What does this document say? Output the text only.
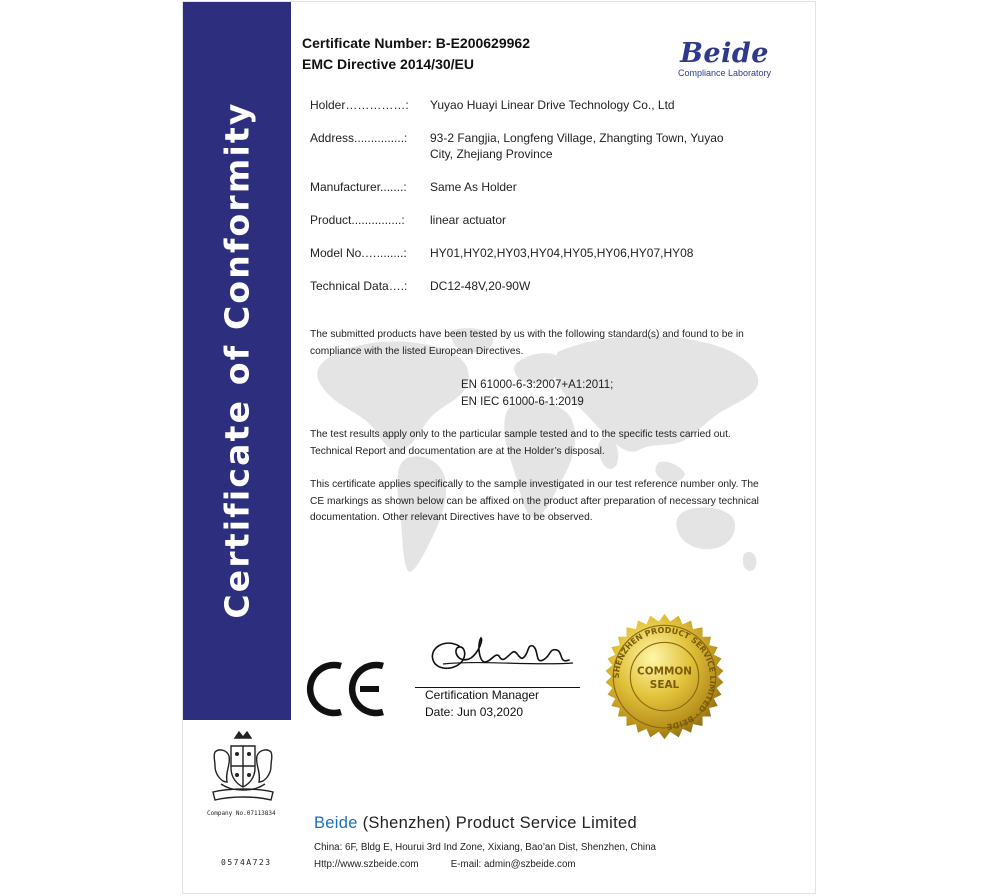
Certificate of Conformity
Certificate Number: B-E200629962
EMC Directive 2014/30/EU	Beide
Compliance Laboratory
Holder……………:	Yuyao Huayi Linear Drive Technology Co., Ltd
Address...............:	93-2 Fangjia, Longfeng Village, Zhangting Town, Yuyao City, Zhejiang Province
Manufacturer.......:	Same As Holder
Product...............:	linear actuator
Model No.…........:	HY01,HY02,HY03,HY04,HY05,HY06,HY07,HY08
Technical Data….:	DC12-48V,20-90W
The submitted products have been tested by us with the following standard(s) and found to be in compliance with the listed European Directives.
EN 61000-6-3:2007+A1:2011;
EN IEC 61000-6-1:2019
The test results apply only to the particular sample tested and to the specific tests carried out. Technical Report and documentation are at the Holder’s disposal.
This certificate applies specifically to the sample investigated in our test reference number only. The CE markings as shown below can be affixed on the product after preparation of necessary technical documentation. Other relevant Directives have to be observed.
Certification Manager
Date: Jun 03,2020
SHENZHEN PRODUCT SERVICE LIMITED · BEIDE
COMMON
SEAL
Company No.07113834
0574A723
Beide (Shenzhen) Product Service Limited
China: 6F, Bldg E, Hourui 3rd Ind Zone, Xixiang, Bao’an Dist, Shenzhen, China
Http://www.szbeide.com	E-mail: admin@szbeide.com
